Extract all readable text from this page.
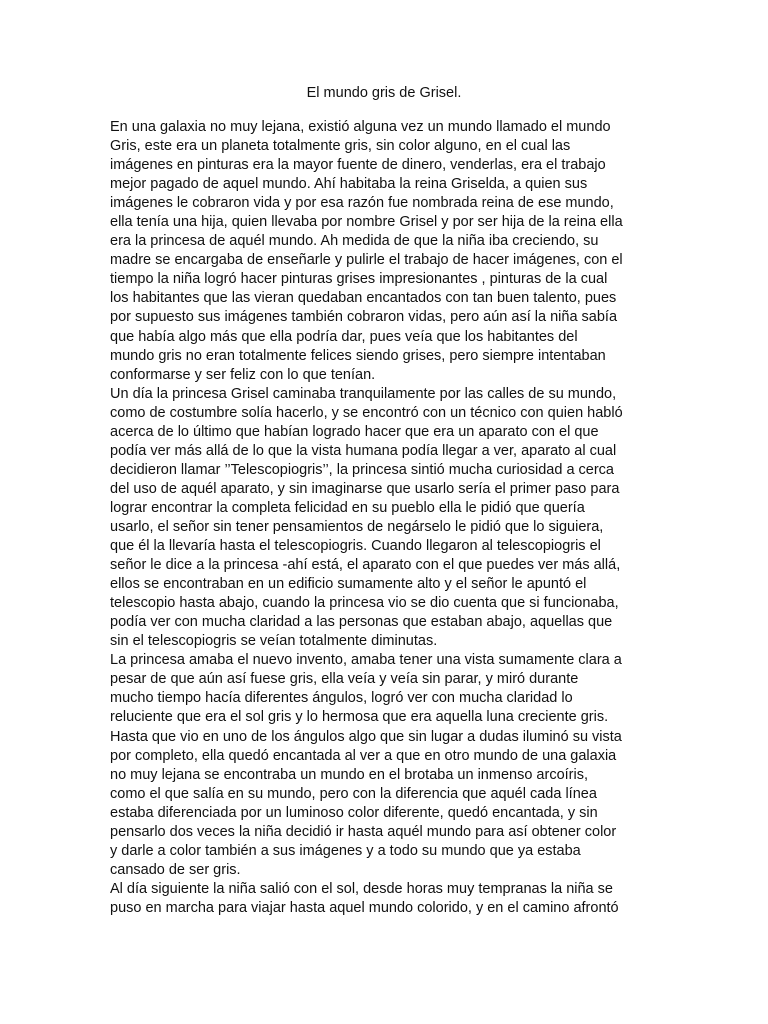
El mundo gris de Grisel.
En una galaxia no muy lejana, existió alguna vez un mundo llamado el mundo
Gris, este era un planeta totalmente gris, sin color alguno, en el cual las
imágenes en pinturas era la mayor fuente de dinero, venderlas, era el trabajo
mejor pagado de aquel mundo. Ahí habitaba la reina Griselda, a quien sus
imágenes le cobraron vida y por esa razón fue nombrada reina de ese mundo,
ella tenía una hija, quien llevaba por nombre Grisel y por ser hija de la reina ella
era la princesa de aquél mundo. Ah medida de que la niña iba creciendo, su
madre se encargaba de enseñarle y pulirle el trabajo de hacer imágenes, con el
tiempo la niña logró hacer pinturas grises impresionantes , pinturas de la cual
los habitantes que las vieran quedaban encantados con tan buen talento, pues
por supuesto sus imágenes también cobraron vidas, pero aún así la niña sabía
que había algo más que ella podría dar, pues veía que los habitantes del
mundo gris no eran totalmente felices siendo grises, pero siempre intentaban
conformarse y ser feliz con lo que tenían.
Un día la princesa Grisel caminaba tranquilamente por las calles de su mundo,
como de costumbre solía hacerlo, y se encontró con un técnico con quien habló
acerca de lo último que habían logrado hacer que era un aparato con el que
podía ver más allá de lo que la vista humana podía llegar a ver, aparato al cual
decidieron llamar ’’Telescopiogris’’, la princesa sintió mucha curiosidad a cerca
del uso de aquél aparato, y sin imaginarse que usarlo sería el primer paso para
lograr encontrar la completa felicidad en su pueblo ella le pidió que quería
usarlo, el señor sin tener pensamientos de negárselo le pidió que lo siguiera,
que él la llevaría hasta el telescopiogris. Cuando llegaron al telescopiogris el
señor le dice a la princesa -ahí está, el aparato con el que puedes ver más allá,
ellos se encontraban en un edificio sumamente alto y el señor le apuntó el
telescopio hasta abajo, cuando la princesa vio se dio cuenta que si funcionaba,
podía ver con mucha claridad a las personas que estaban abajo, aquellas que
sin el telescopiogris se veían totalmente diminutas.
La princesa amaba el nuevo invento, amaba tener una vista sumamente clara a
pesar de que aún así fuese gris, ella veía y veía sin parar, y miró durante
mucho tiempo hacía diferentes ángulos, logró ver con mucha claridad lo
reluciente que era el sol gris y lo hermosa que era aquella luna creciente gris.
Hasta que vio en uno de los ángulos algo que sin lugar a dudas iluminó su vista
por completo, ella quedó encantada al ver a que en otro mundo de una galaxia
no muy lejana se encontraba un mundo en el brotaba un inmenso arcoíris,
como el que salía en su mundo, pero con la diferencia que aquél cada línea
estaba diferenciada por un luminoso color diferente, quedó encantada, y sin
pensarlo dos veces la niña decidió ir hasta aquél mundo para así obtener color
y darle a color también a sus imágenes y a todo su mundo que ya estaba
cansado de ser gris.
Al día siguiente la niña salió con el sol, desde horas muy tempranas la niña se
puso en marcha para viajar hasta aquel mundo colorido, y en el camino afrontó
